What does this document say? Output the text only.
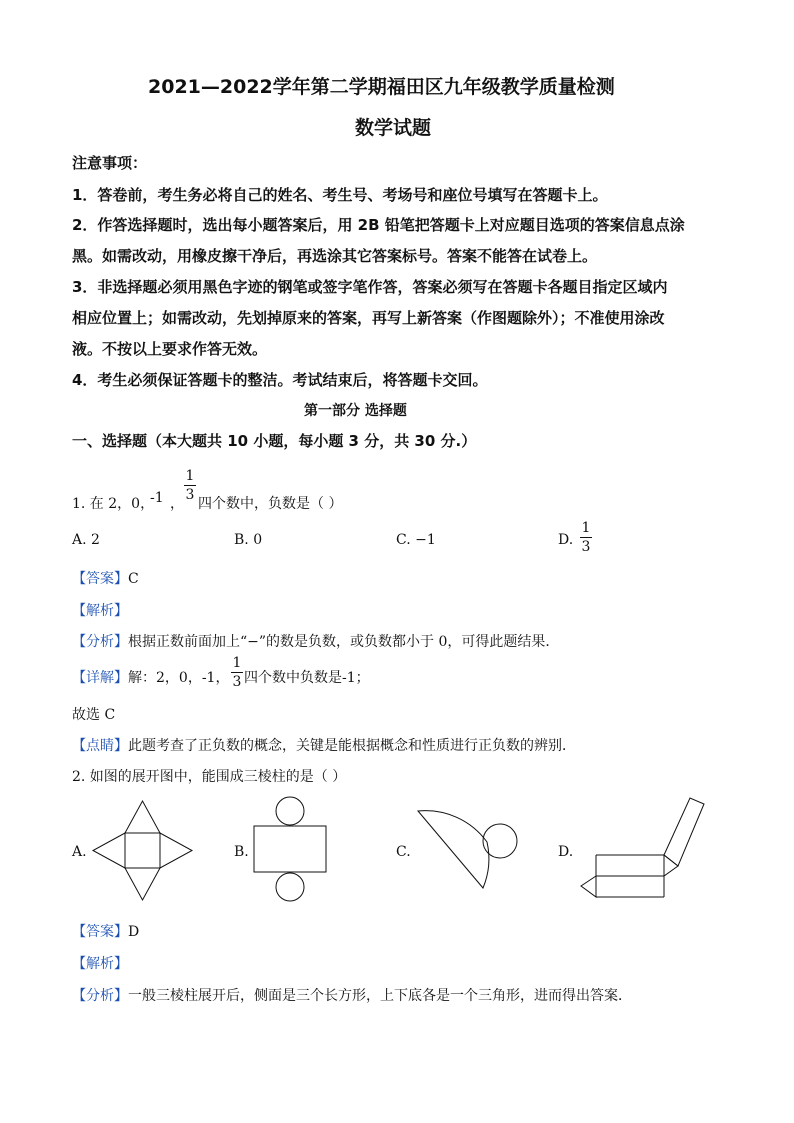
2021—2022学年第二学期福田区九年级教学质量检测
数学试题
注意事项：
1．答卷前，考生务必将自己的姓名、考生号、考场号和座位号填写在答题卡上。
2．作答选择题时，选出每小题答案后，用 2B 铅笔把答题卡上对应题目选项的答案信息点涂
黑。如需改动，用橡皮擦干净后，再选涂其它答案标号。答案不能答在试卷上。
3．非选择题必须用黑色字迹的钢笔或签字笔作答，答案必须写在答题卡各题目指定区域内
相应位置上；如需改动，先划掉原来的答案，再写上新答案（作图题除外）；不准使用涂改
液。不按以上要求作答无效。
4．考生必须保证答题卡的整洁。考试结束后，将答题卡交回。
第一部分 选择题
一、选择题（本大题共 10 小题，每小题 3 分，共 30 分.）
1. 在 2，0，
-1 ，
1
3
四个数中，负数是（ ）
A. 2	B. 0	C. −1	D.
1
3
【答案】C
【解析】
【分析】根据正数前面加上“−”的数是负数，或负数都小于 0，可得此题结果．
【详解】解：2，0，-1，
1
3 四个数中负数是-1；
故选 C
【点睛】此题考查了正负数的概念，关键是能根据概念和性质进行正负数的辨别．
2. 如图的展开图中，能围成三棱柱的是（ ）
A.	B.	C.	D.
【答案】D
【解析】
【分析】一般三棱柱展开后，侧面是三个长方形，上下底各是一个三角形，进而得出答案．
